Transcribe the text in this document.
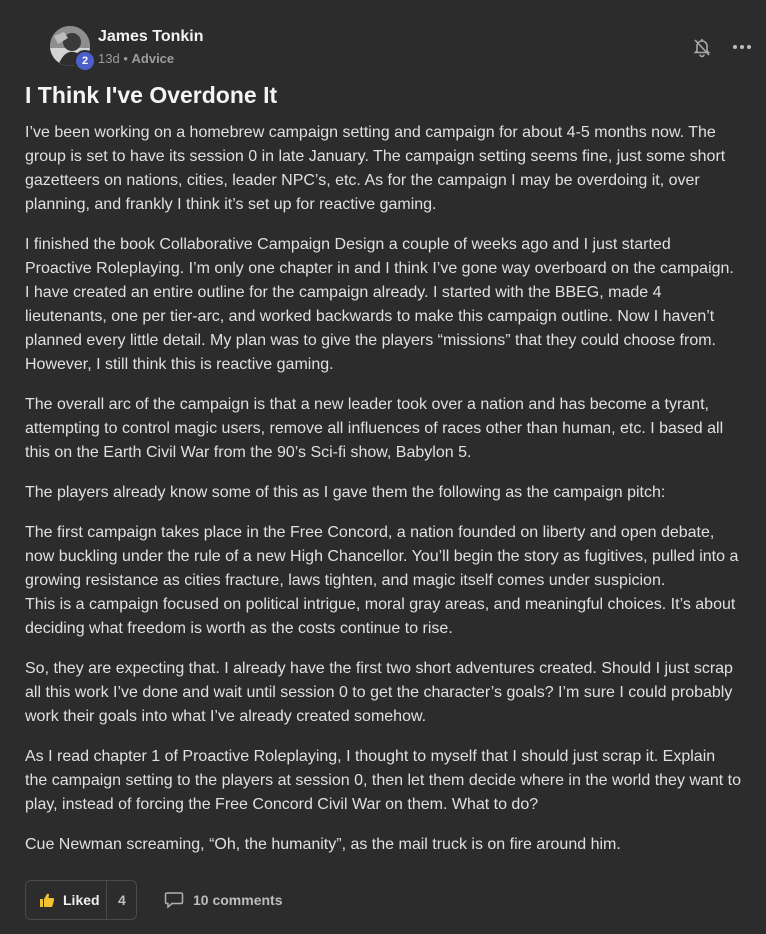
2
James Tonkin
13d • Advice
I Think I've Overdone It

I’ve been working on a homebrew campaign setting and campaign for about 4-5 months now. The group is set to have its session 0 in late January. The campaign setting seems fine, just some short gazetteers on nations, cities, leader NPC’s, etc. As for the campaign I may be overdoing it, over planning, and frankly I think it’s set up for reactive gaming.

I finished the book Collaborative Campaign Design a couple of weeks ago and I just started Proactive Roleplaying. I’m only one chapter in and I think I’ve gone way overboard on the campaign. I have created an entire outline for the campaign already. I started with the BBEG, made 4 lieutenants, one per tier-arc, and worked backwards to make this campaign outline. Now I haven’t planned every little detail. My plan was to give the players “missions” that they could choose from. However, I still think this is reactive gaming.

The overall arc of the campaign is that a new leader took over a nation and has become a tyrant, attempting to control magic users, remove all influences of races other than human, etc. I based all this on the Earth Civil War from the 90’s Sci-fi show, Babylon 5.

The players already know some of this as I gave them the following as the campaign pitch:

The first campaign takes place in the Free Concord, a nation founded on liberty and open debate, now buckling under the rule of a new High Chancellor. You’ll begin the story as fugitives, pulled into a growing resistance as cities fracture, laws tighten, and magic itself comes under suspicion.

This is a campaign focused on political intrigue, moral gray areas, and meaningful choices. It’s about deciding what freedom is worth as the costs continue to rise.

So, they are expecting that. I already have the first two short adventures created. Should I just scrap all this work I’ve done and wait until session 0 to get the character’s goals? I’m sure I could probably work their goals into what I’ve already created somehow.

As I read chapter 1 of Proactive Roleplaying, I thought to myself that I should just scrap it. Explain the campaign setting to the players at session 0, then let them decide where in the world they want to play, instead of forcing the Free Concord Civil War on them. What to do?

Cue Newman screaming, “Oh, the humanity”, as the mail truck is on fire around him.

Liked 4	10 comments
